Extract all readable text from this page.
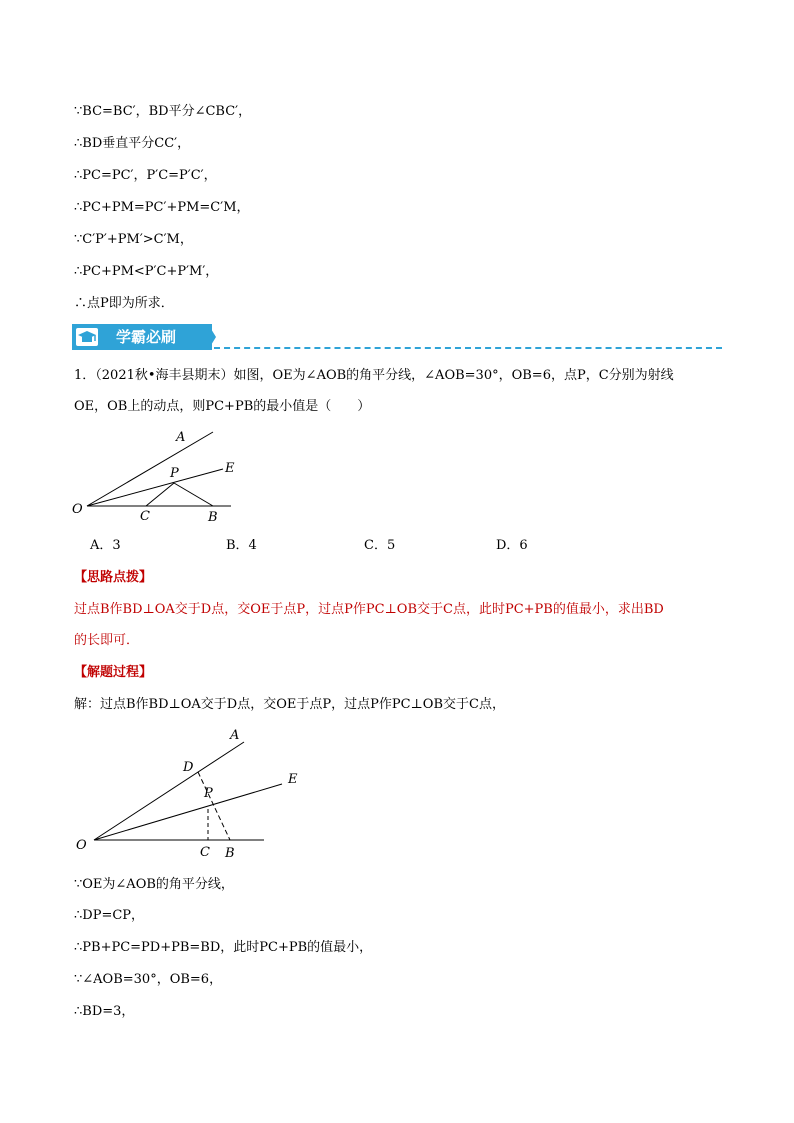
∵BC=BC′，BD平分∠CBC′，
∴BD垂直平分CC′，
∴PC=PC′，P′C=P′C′，
∴PC+PM=PC′+PM=C′M，
∵C′P′+PM′>C′M，
∴PC+PM<P′C+P′M′，
∴点P即为所求．
学霸必刷
1．（2021秋•海丰县期末）如图，OE为∠AOB的角平分线，∠AOB=30°，OB=6，点P，C分别为射线
OE，OB上的动点，则PC+PB的最小值是（　　）
A
E
P
O	C	B
A．3	B．4	C．5	D．6
【思路点拨】
过点B作BD⊥OA交于D点，交OE于点P，过点P作PC⊥OB交于C点，此时PC+PB的值最小，求出BD
的长即可．
【解题过程】
解：过点B作BD⊥OA交于D点，交OE于点P，过点P作PC⊥OB交于C点，
A
D
E
P
O	C B
∵OE为∠AOB的角平分线，
∴DP=CP，
∴PB+PC=PD+PB=BD，此时PC+PB的值最小，
∵∠AOB=30°，OB=6，
∴BD=3，
